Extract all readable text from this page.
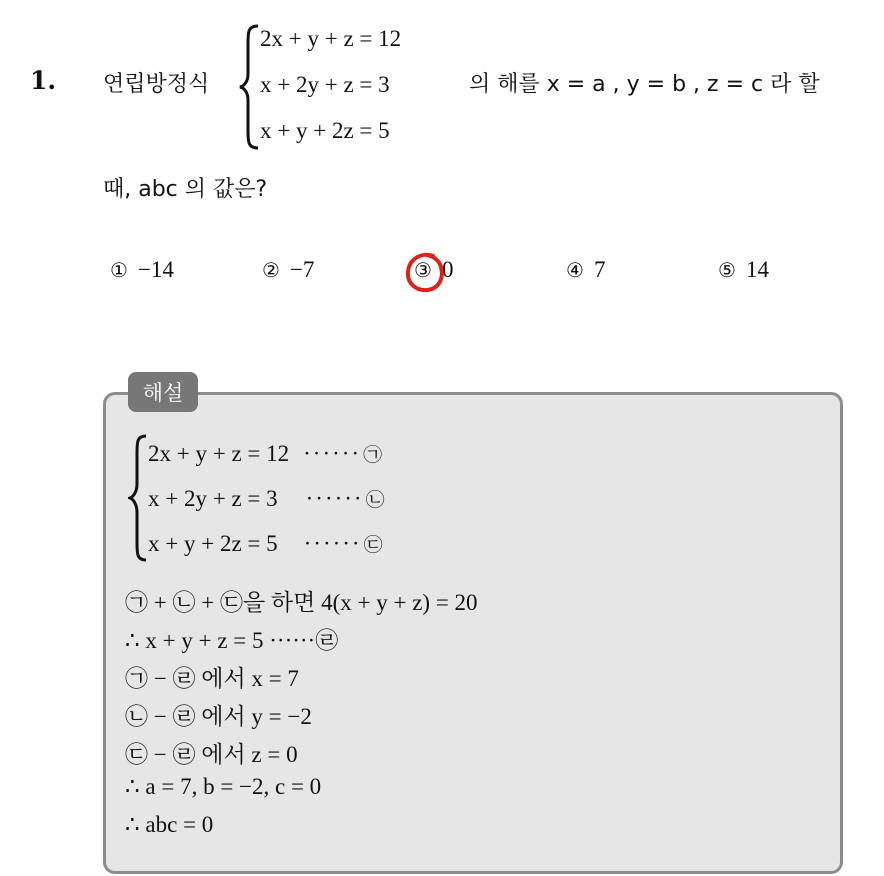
1. 연립방정식
2x + y + z = 12
x + 2y + z = 3
x + y + 2z = 5
의 해를 x = a , y = b , z = c 라 할
때, abc 의 값은?
① −14	② −7	③ 0	④ 7	⑤ 14
해설
2x + y + z = 12 ······ ㉠
x + 2y + z = 3 ······ ㉡
x + y + 2z = 5 ······ ㉢
㉠ + ㉡ + ㉢을 하면 4(x + y + z) = 20
∴ x + y + z = 5 ······㉣
㉠ − ㉣ 에서 x = 7
㉡ − ㉣ 에서 y = −2
㉢ − ㉣ 에서 z = 0
∴ a = 7, b = −2, c = 0
∴ abc = 0
